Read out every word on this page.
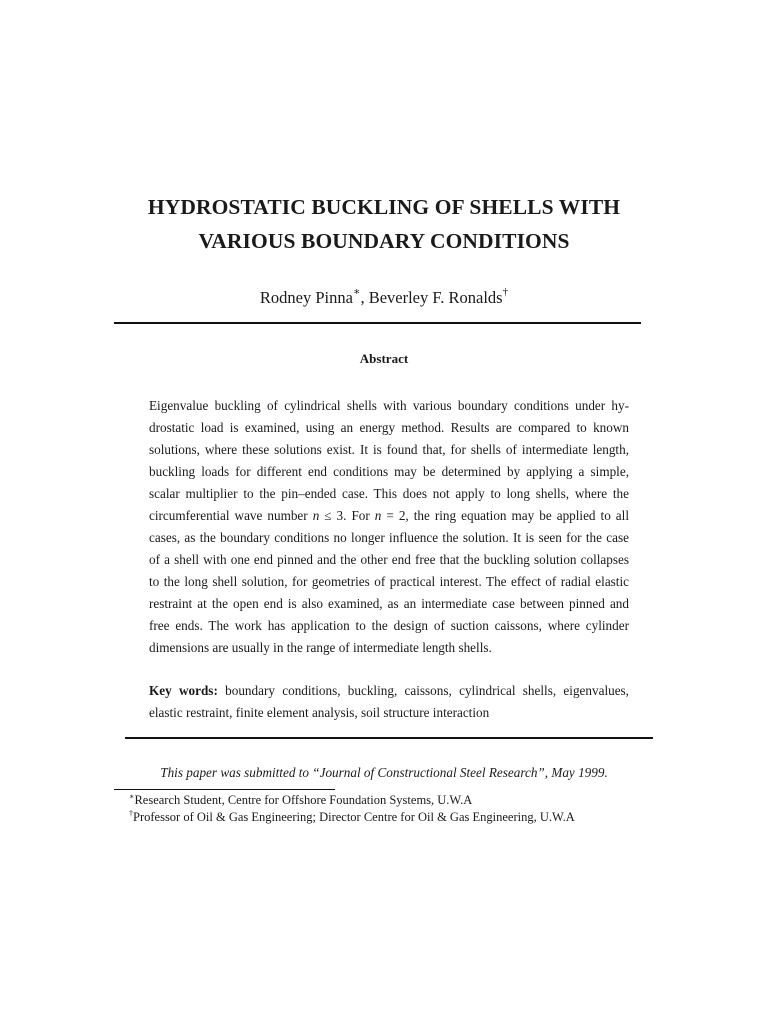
HYDROSTATIC BUCKLING OF SHELLS WITH
VARIOUS BOUNDARY CONDITIONS
Rodney Pinna∗, Beverley F. Ronalds†
Abstract
Eigenvalue buckling of cylindrical shells with various boundary conditions under hy-
drostatic load is examined, using an energy method. Results are compared to known
solutions, where these solutions exist. It is found that, for shells of intermediate length,
buckling loads for different end conditions may be determined by applying a simple,
scalar multiplier to the pin–ended case. This does not apply to long shells, where the
circumferential wave number n ≤ 3. For n = 2, the ring equation may be applied to all
cases, as the boundary conditions no longer influence the solution. It is seen for the case
of a shell with one end pinned and the other end free that the buckling solution collapses
to the long shell solution, for geometries of practical interest. The effect of radial elastic
restraint at the open end is also examined, as an intermediate case between pinned and
free ends. The work has application to the design of suction caissons, where cylinder
dimensions are usually in the range of intermediate length shells.
Key words: boundary conditions, buckling, caissons, cylindrical shells, eigenvalues,
elastic restraint, finite element analysis, soil structure interaction
This paper was submitted to “Journal of Constructional Steel Research”, May 1999.
∗Research Student, Centre for Offshore Foundation Systems, U.W.A
†Professor of Oil & Gas Engineering; Director Centre for Oil & Gas Engineering, U.W.A
